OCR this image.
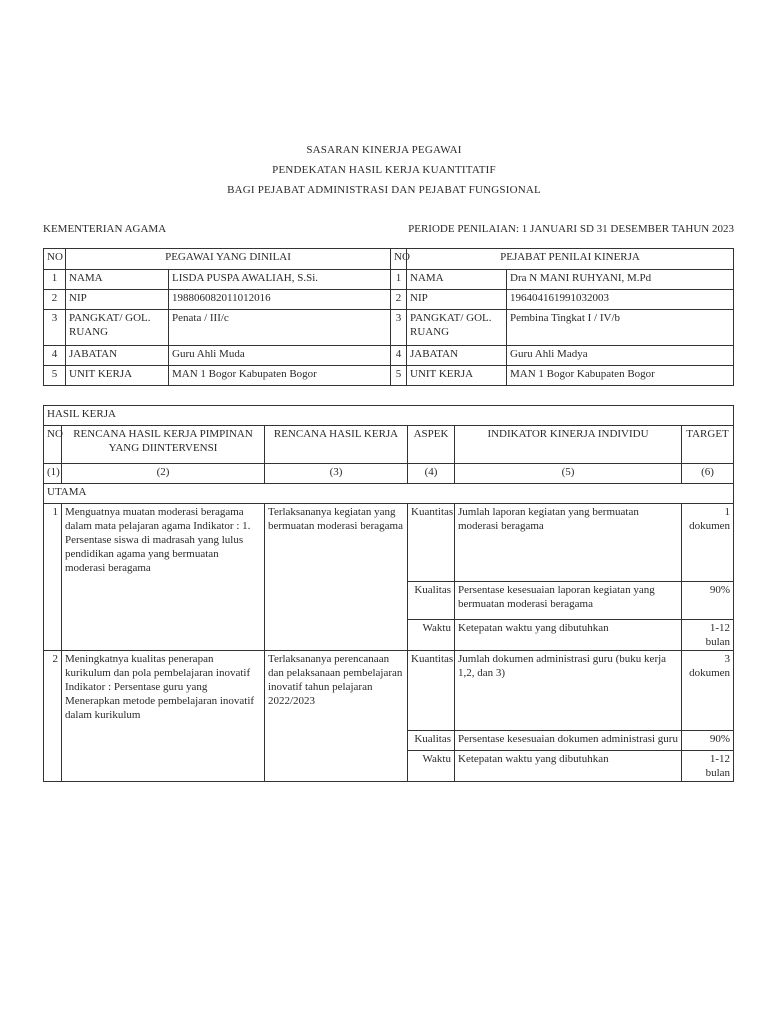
SASARAN KINERJA PEGAWAI
PENDEKATAN HASIL KERJA KUANTITATIF
BAGI PEJABAT ADMINISTRASI DAN PEJABAT FUNGSIONAL
KEMENTERIAN AGAMA	PERIODE PENILAIAN: 1 JANUARI SD 31 DESEMBER TAHUN 2023
NO	PEGAWAI YANG DINILAI		NO	PEJABAT PENILAI KINERJA	
1	NAMA	LISDA PUSPA AWALIAH, S.Si.	1	NAMA	Dra N MANI RUHYANI, M.Pd
2	NIP	198806082011012016	2	NIP	196404161991032003
3	PANGKAT/ GOL. RUANG	Penata / III/c	3	PANGKAT/ GOL. RUANG	Pembina Tingkat I / IV/b
4	JABATAN	Guru Ahli Muda	4	JABATAN	Guru Ahli Madya
5	UNIT KERJA	MAN 1 Bogor Kabupaten Bogor	5	UNIT KERJA	MAN 1 Bogor Kabupaten Bogor
HASIL KERJA					
NO	RENCANA HASIL KERJA PIMPINAN YANG DIINTERVENSI	RENCANA HASIL KERJA	ASPEK	INDIKATOR KINERJA INDIVIDU	TARGET
(1)	(2)	(3)	(4)	(5)	(6)
UTAMA					
1	Menguatnya muatan moderasi beragama dalam mata pelajaran agama Indikator : 1. Persentase siswa di madrasah yang lulus pendidikan agama yang bermuatan moderasi beragama	Terlaksananya kegiatan yang bermuatan moderasi beragama	Kuantitas	Jumlah laporan kegiatan yang bermuatan moderasi beragama	1 dokumen
			Kualitas	Persentase kesesuaian laporan kegiatan yang bermuatan moderasi beragama	90%
			Waktu	Ketepatan waktu yang dibutuhkan	1-12 bulan
2	Meningkatnya kualitas penerapan kurikulum dan pola pembelajaran inovatif Indikator : Persentase guru yang Menerapkan metode pembelajaran inovatif dalam kurikulum	Terlaksananya perencanaan dan pelaksanaan pembelajaran inovatif tahun pelajaran 2022/2023	Kuantitas	Jumlah dokumen administrasi guru (buku kerja 1,2, dan 3)	3 dokumen
			Kualitas	Persentase kesesuaian dokumen administrasi guru	90%
			Waktu	Ketepatan waktu yang dibutuhkan	1-12 bulan
